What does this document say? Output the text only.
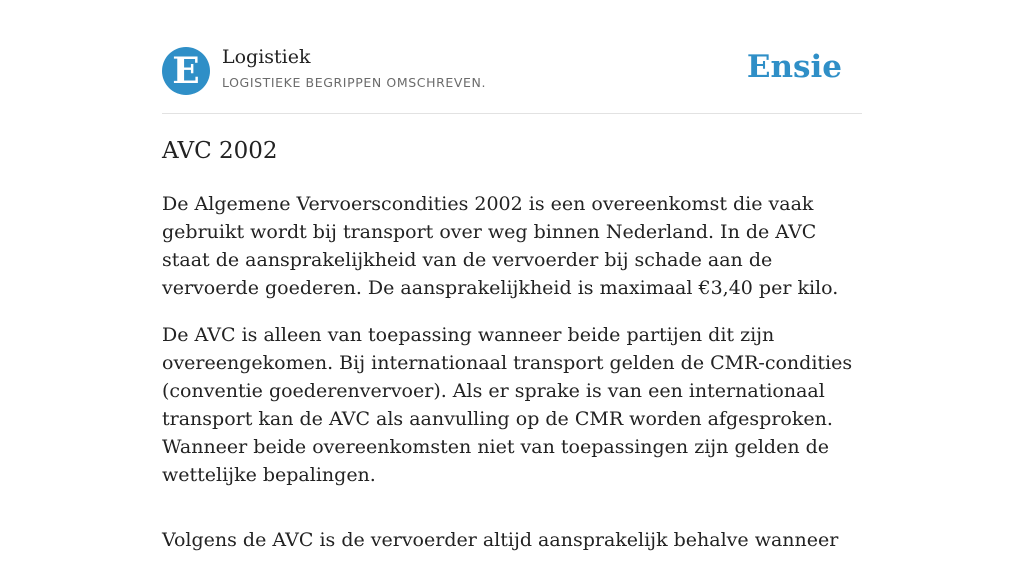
E	Logistiek
LOGISTIEKE BEGRIPPEN OMSCHREVEN.	Ensie
AVC 2002

De Algemene Vervoerscondities 2002 is een overeenkomst die vaak gebruikt wordt bij transport over weg binnen Nederland. In de AVC staat de aansprakelijkheid van de vervoerder bij schade aan de vervoerde goederen. De aansprakelijkheid is maximaal €3,40 per kilo.

De AVC is alleen van toepassing wanneer beide partijen dit zijn overeengekomen. Bij internationaal transport gelden de CMR-condities (conventie goederenvervoer). Als er sprake is van een internationaal transport kan de AVC als aanvulling op de CMR worden afgesproken. Wanneer beide overeenkomsten niet van toepassingen zijn gelden de wettelijke bepalingen.

Volgens de AVC is de vervoerder altijd aansprakelijk behalve wanneer
